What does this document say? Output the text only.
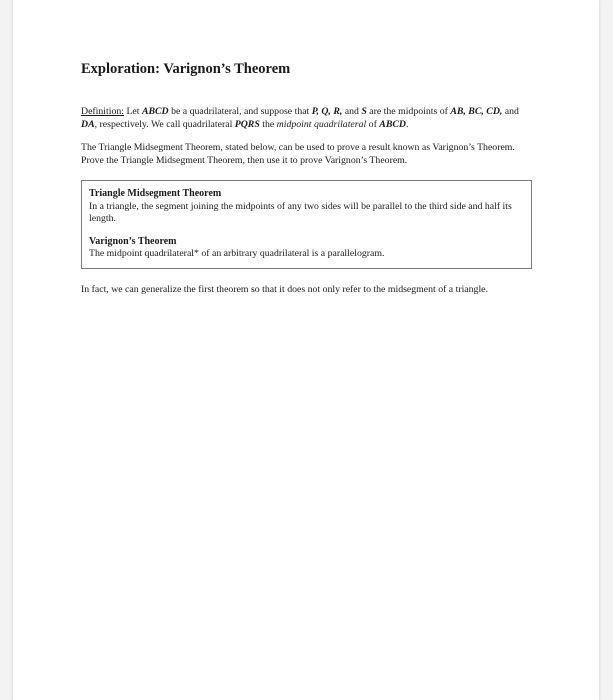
Exploration: Varignon’s Theorem

Definition: Let ABCD be a quadrilateral, and suppose that P, Q, R, and S are the midpoints of AB, BC, CD, and DA, respectively. We call quadrilateral PQRS the midpoint quadrilateral of ABCD.

The Triangle Midsegment Theorem, stated below, can be used to prove a result known as Varignon’s Theorem. Prove the Triangle Midsegment Theorem, then use it to prove Varignon’s Theorem.

Triangle Midsegment Theorem
In a triangle, the segment joining the midpoints of any two sides will be parallel to the third side and half its length.
Varignon’s Theorem
The midpoint quadrilateral* of an arbitrary quadrilateral is a parallelogram.

In fact, we can generalize the first theorem so that it does not only refer to the midsegment of a triangle.
